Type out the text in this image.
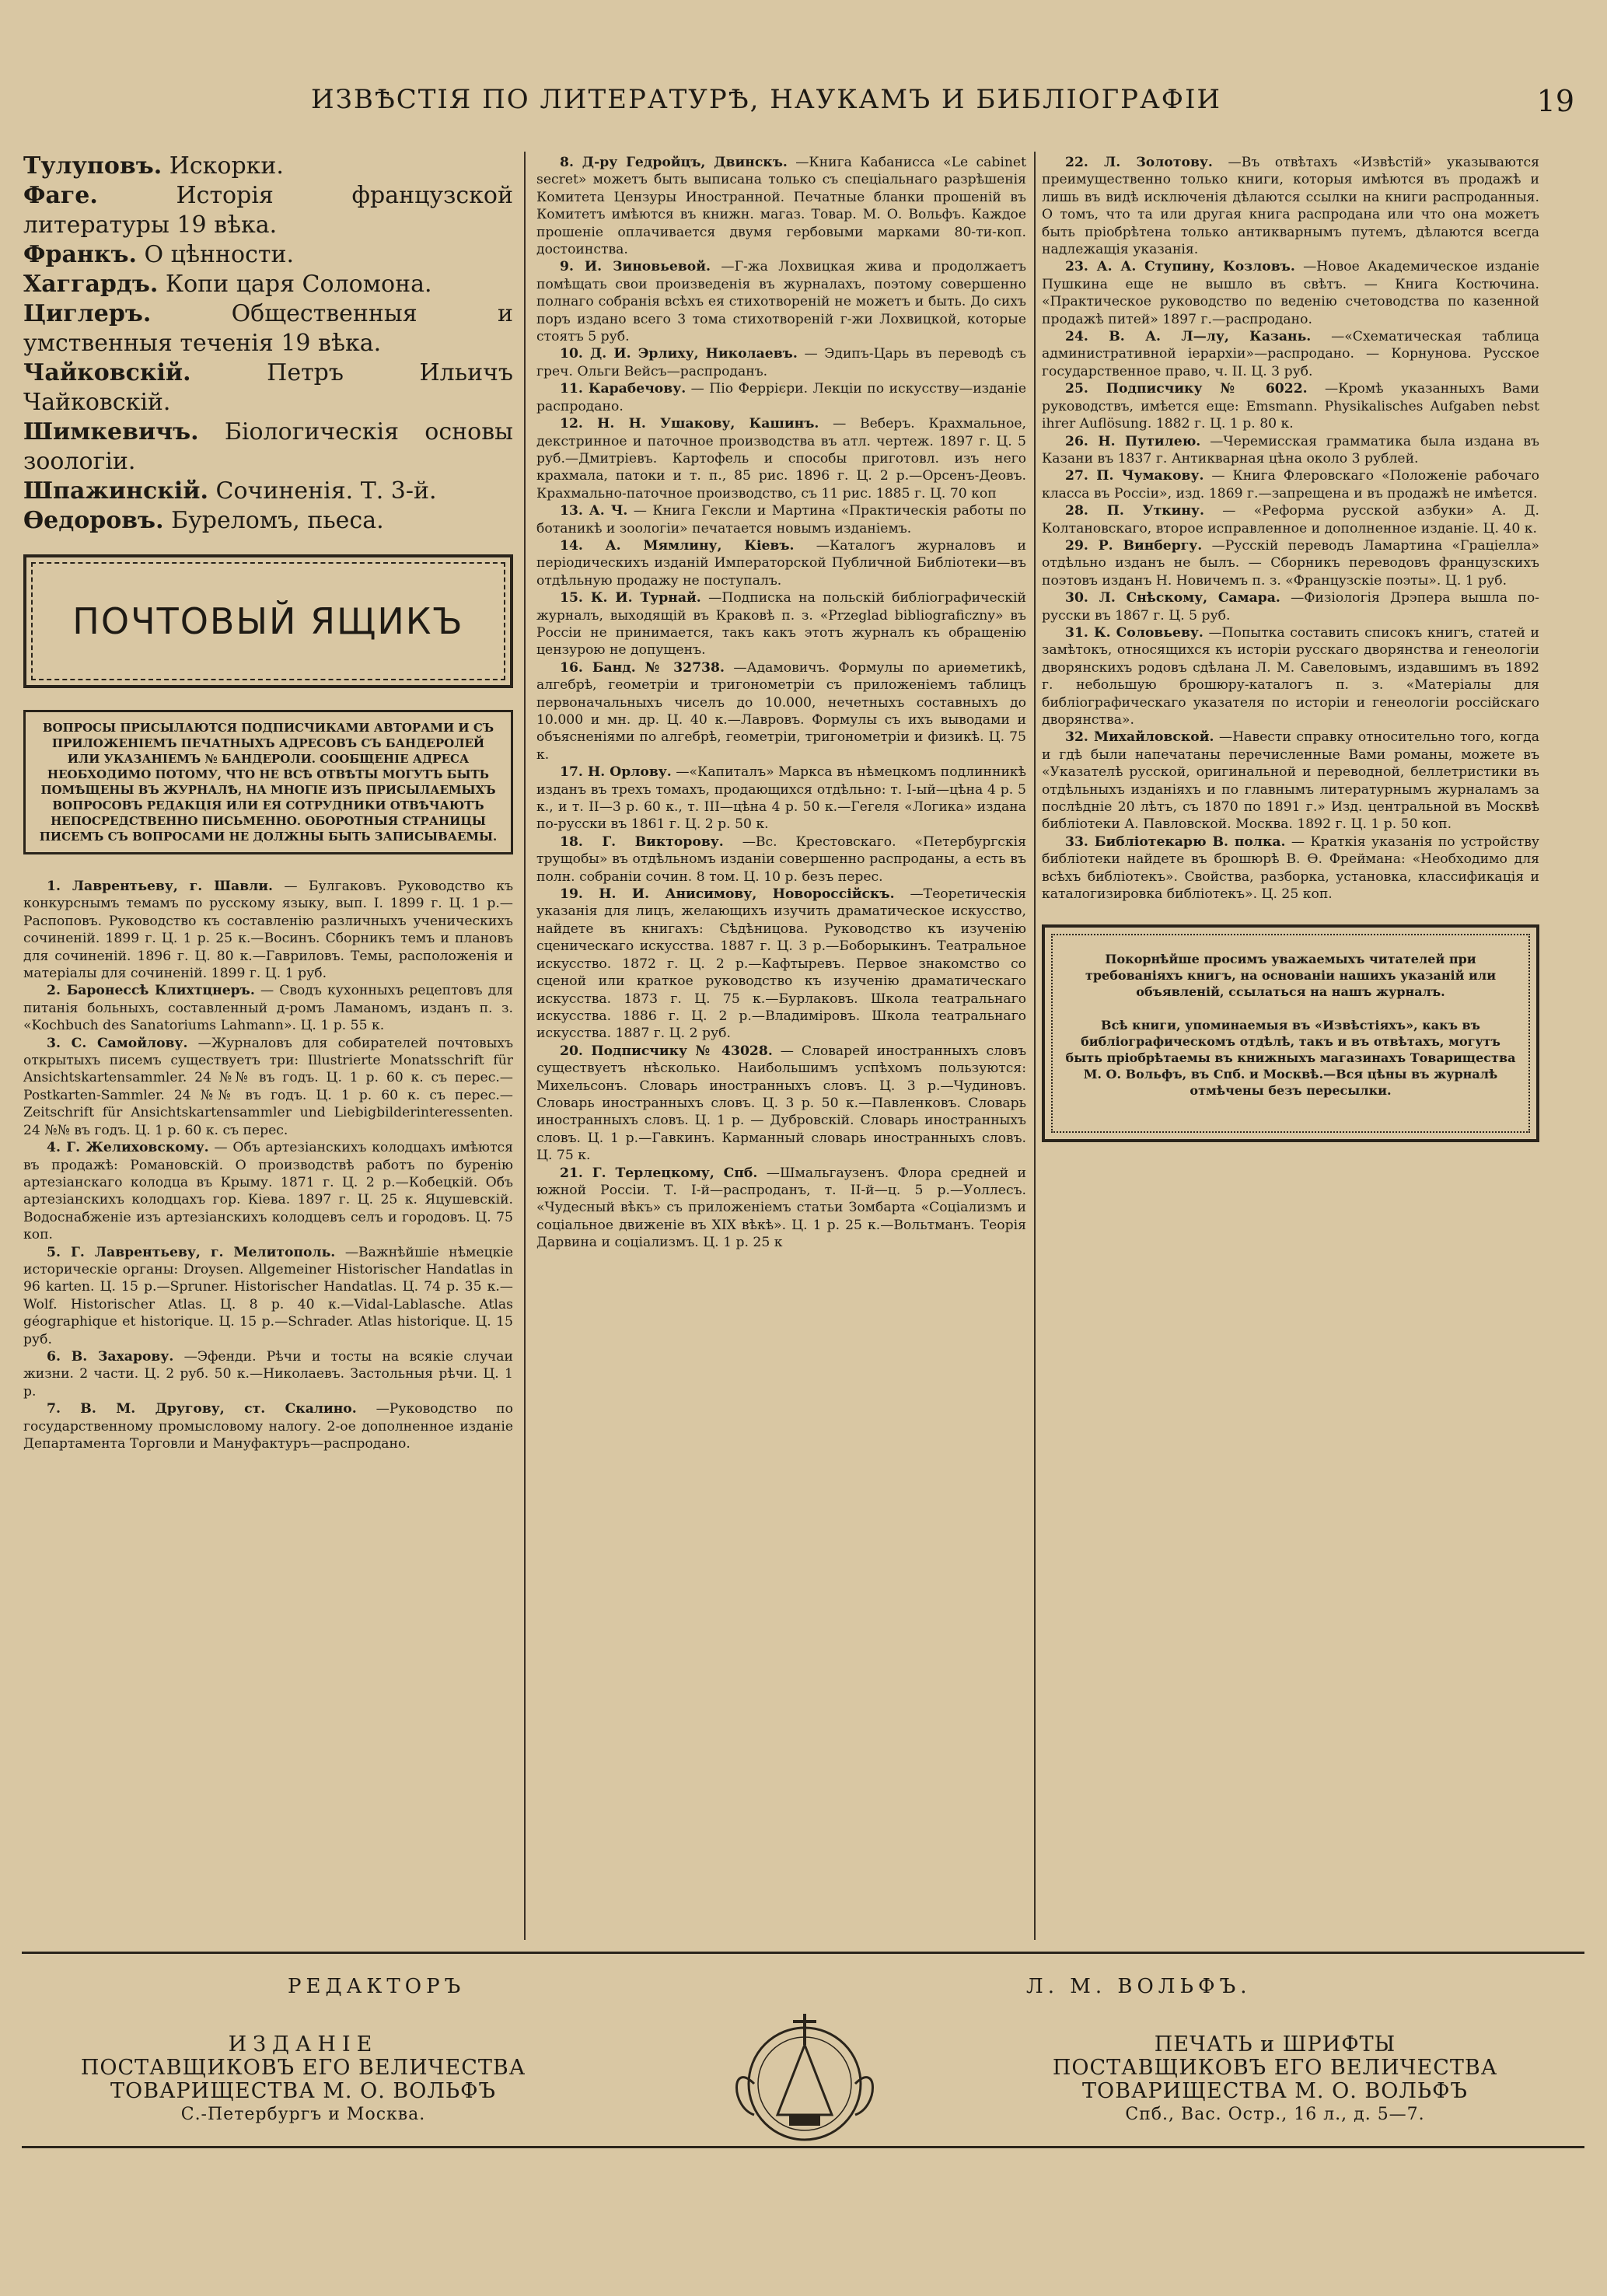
ИЗВѢСТІЯ ПО ЛИТЕРАТУРѢ, НАУКАМЪ И БИБЛІОГРАФІИ	19

Тулуповъ. Искорки.

Фаге.	Исторія французской литературы 19 вѣка.

Франкъ. О цѣнности.

Хаггардъ. Копи царя Соломона.

Циглеръ.	Общественныя и умственныя теченія 19 вѣка.

Чайковскій.	Петръ Ильичъ Чайковскій.

Шимкевичъ. Біологическія основы зоологіи.

Шпажинскій. Сочиненія. Т. 3-й.

Ѳедоровъ. Буреломъ, пьеса.

ПОЧТОВЫЙ ЯЩИКЪ
ВОПРОСЫ ПРИСЫЛАЮТСЯ ПОДПИСЧИКАМИ АВТОРАМИ И СЪ ПРИЛОЖЕНІЕМЪ ПЕЧАТНЫХЪ АДРЕСОВЪ СЪ БАНДЕРОЛЕЙ ИЛИ УКАЗАНІЕМЪ № БАНДЕРОЛИ. СООБЩЕНІЕ АДРЕСА НЕОБХОДИМО ПОТОМУ, ЧТО НЕ ВСѢ ОТВѢТЫ МОГУТЪ БЫТЬ ПОМѢЩЕНЫ ВЪ ЖУРНАЛѢ, НА МНОГІЕ ИЗЪ ПРИСЫЛАЕМЫХЪ ВОПРОСОВЪ РЕДАКЦІЯ ИЛИ ЕЯ СОТРУДНИКИ ОТВѢЧАЮТЪ НЕПОСРЕДСТВЕННО ПИСЬМЕННО. ОБОРОТНЫЯ СТРАНИЦЫ ПИСЕМЪ СЪ ВОПРОСАМИ НЕ ДОЛЖНЫ БЫТЬ ЗАПИСЫВАЕМЫ.

1. Лаврентьеву, г. Шавли. — Булгаковъ. Руководство къ конкурснымъ темамъ по русскому языку, вып. I. 1899 г. Ц. 1 р.—Распоповъ. Руководство къ составленію различныхъ ученическихъ сочиненій. 1899 г. Ц. 1 р. 25 к.—Восинъ. Сборникъ темъ и плановъ для сочиненій. 1896 г. Ц. 80 к.—Гавриловъ. Темы, расположенія и матеріалы для сочиненій. 1899 г. Ц. 1 руб.

2. Баронессѣ Клихтцнеръ. — Сводъ кухонныхъ рецептовъ для питанія больныхъ, составленный д-ромъ Ламаномъ, изданъ п. з. «Kochbuch des Sanatoriums Lahmann». Ц. 1 р. 55 к.

3. С. Самойлову. —Журналовъ для собирателей почтовыхъ открытыхъ писемъ существуетъ три: Illustrierte Monatsschrift für Ansichtskartensammler. 24 №№ въ годъ. Ц. 1 р. 60 к. съ перес.—Postkarten-Sammler. 24 №№ въ годъ. Ц. 1 р. 60 к. съ перес.—Zeitschrift für Ansichtskartensammler und Liebigbilderinteressenten. 24 №№ въ годъ. Ц. 1 р. 60 к. съ перес.

4. Г. Желиховскому. — Объ артезіанскихъ колодцахъ имѣются въ продажѣ: Романовскій. О производствѣ работъ по буренію артезіанскаго колодца въ Крыму. 1871 г. Ц. 2 р.—Кобецкій. Объ артезіанскихъ колодцахъ гор. Кіева. 1897 г. Ц. 25 к. Яцушевскій. Водоснабженіе изъ артезіанскихъ колодцевъ селъ и городовъ. Ц. 75 коп.

5. Г. Лаврентьеву, г. Мелитополь. —Важнѣйшіе нѣмецкіе историческіе органы: Droysen. Allgemeiner Historischer Handatlas in 96 karten. Ц. 15 р.—Spruner. Historischer Handatlas. Ц. 74 р. 35 к.—Wolf. Historischer Atlas. Ц. 8 р. 40 к.—Vidal-Lablasche. Atlas géographique et historique. Ц. 15 р.—Schrader. Atlas historique. Ц. 15 руб.

6. В. Захарову. —Эфенди. Рѣчи и тосты на всякіе случаи жизни. 2 части. Ц. 2 руб. 50 к.—Николаевъ. Застольныя рѣчи. Ц. 1 р.

7. В. М. Другову, ст. Скалино. —Руководство по государственному промысловому налогу. 2-ое дополненное изданіе Департамента Торговли и Мануфактуръ—распродано.

8. Д-ру Гедройцъ, Двинскъ. —Книга Кабанисса «Le cabinet secret» можетъ быть выписана только съ спеціальнаго разрѣшенія Комитета Цензуры Иностранной. Печатные бланки прошеній въ Комитетъ имѣются въ книжн. магаз. Товар. М. О. Вольфъ. Каждое прошеніе оплачивается двумя гербовыми марками 80-ти-коп. достоинства.

9. И. Зиновьевой. —Г-жа Лохвицкая жива и продолжаетъ помѣщать свои произведенія въ журналахъ, поэтому совершенно полнаго собранія всѣхъ ея стихотвореній не можетъ и быть. До сихъ поръ издано всего 3 тома стихотвореній г-жи Лохвицкой, которые стоятъ 5 руб.

10. Д. И. Эрлиху, Николаевъ. — Эдипъ-Царь въ переводѣ съ греч. Ольги Вейсъ—распроданъ.

11. Карабечову. — Піо Феррієри. Лекціи по искусству—изданіе распродано.

12. Н. Н. Ушакову, Кашинъ. — Веберъ. Крахмальное, декстринное и паточное производства въ атл. чертеж. 1897 г. Ц. 5 руб.—Дмитріевъ. Картофель и способы приготовл. изъ него крахмала, патоки и т. п., 85 рис. 1896 г. Ц. 2 р.—Орсенъ-Деовъ. Крахмально-паточное производство, съ 11 рис. 1885 г. Ц. 70 коп

13. А. Ч. — Книга Гексли и Мартина «Практическія работы по ботаникѣ и зоологіи» печатается новымъ изданіемъ.

14. А. Мямлину, Кіевъ. —Каталогъ журналовъ и періодическихъ изданій Императорской Публичной Библіотеки—въ отдѣльную продажу не поступалъ.

15. К. И. Турнай. —Подписка на польскій библіографическій журналъ, выходящій въ Краковѣ п. з. «Przeglad bibliograficzny» въ Россіи не принимается, такъ какъ этотъ журналъ къ обращенію цензурою не допущенъ.

16. Банд. № 32738. —Адамовичъ. Формулы по ариѳметикѣ, алгебрѣ, геометріи и тригонометріи съ приложеніемъ таблицъ первоначальныхъ чиселъ до 10.000, нечетныхъ составныхъ до 10.000 и мн. др. Ц. 40 к.—Лавровъ. Формулы съ ихъ выводами и объясненіями по алгебрѣ, геометріи, тригонометріи и физикѣ. Ц. 75 к.

17. Н. Орлову. —«Капиталъ» Маркса въ нѣмецкомъ подлинникѣ изданъ въ трехъ томахъ, продающихся отдѣльно: т. I-ый—цѣна 4 р. 5 к., и т. II—3 р. 60 к., т. III—цѣна 4 р. 50 к.—Гегеля «Логика» издана по-русски въ 1861 г. Ц. 2 р. 50 к.

18. Г. Викторову. —Вс. Крестовскаго. «Петербургскія трущобы» въ отдѣльномъ изданіи совершенно распроданы, а есть въ полн. собраніи сочин. 8 том. Ц. 10 р. безъ перес.

19. Н. И. Анисимову, Новороссійскъ. —Теоретическія указанія для лицъ, желающихъ изучить драматическое искусство, найдете въ книгахъ: Сѣдѣницова. Руководство къ изученію сценическаго искусства. 1887 г. Ц. 3 р.—Боборыкинъ. Театральное искусство. 1872 г. Ц. 2 р.—Кафтыревъ. Первое знакомство со сценой или краткое руководство къ изученію драматическаго искусства. 1873 г. Ц. 75 к.—Бурлаковъ. Школа театральнаго искусства. 1886 г. Ц. 2 р.—Владиміровъ. Школа театральнаго искусства. 1887 г. Ц. 2 руб.

20. Подписчику № 43028. — Словарей иностранныхъ словъ существуетъ нѣсколько. Наибольшимъ успѣхомъ пользуются: Михельсонъ. Словарь иностранныхъ словъ. Ц. 3 р.—Чудиновъ. Словарь иностранныхъ словъ. Ц. 3 р. 50 к.—Павленковъ. Словарь иностранныхъ словъ. Ц. 1 р. — Дубровскій. Словарь иностранныхъ словъ. Ц. 1 р.—Гавкинъ. Карманный словарь иностранныхъ словъ. Ц. 75 к.

21. Г. Терлецкому, Спб. —Шмальгаузенъ. Флора средней и южной Россіи. Т. I-й—распроданъ, т. II-й—ц. 5 р.—Уоллесъ. «Чудесный вѣкъ» съ приложеніемъ статьи Зомбарта «Соціализмъ и соціальное движеніе въ XIX вѣкѣ». Ц. 1 р. 25 к.—Вольтманъ. Теорія Дарвина и соціализмъ. Ц. 1 р. 25 к

22. Л. Золотову. —Въ отвѣтахъ «Извѣстій» указываются преимущественно только книги, которыя имѣются въ продажѣ и лишь въ видѣ исключенія дѣлаются ссылки на книги распроданныя. О томъ, что та или другая книга распродана или что она можетъ быть пріобрѣтена только антикварнымъ путемъ, дѣлаются всегда надлежащія указанія.

23. А. А. Ступину, Козловъ. —Новое Академическое изданіе Пушкина еще не вышло въ свѣтъ. — Книга Костючина. «Практическое руководство по веденію счетоводства по казенной продажѣ питей» 1897 г.—распродано.

24. В. А. Л—лу, Казань. —«Схематическая таблица административной іерархіи»—распродано. — Корнунова. Русское государственное право, ч. II. Ц. 3 руб.

25. Подписчику № 6022. —Кромѣ указанныхъ Вами руководствъ, имѣется еще: Emsmann. Physikalisches Aufgaben nebst ihrer Auflösung. 1882 г. Ц. 1 р. 80 к.

26. Н. Путилею. —Черемисская грамматика была издана въ Казани въ 1837 г. Антикварная цѣна около 3 рублей.

27. П. Чумакову. — Книга Флеровскаго «Положеніе рабочаго класса въ Россіи», изд. 1869 г.—запрещена и въ продажѣ не имѣется.

28. П. Уткину. — «Реформа русской азбуки» А. Д. Колтановскаго, второе исправленное и дополненное изданіе. Ц. 40 к.

29. Р. Винбергу. —Русскій переводъ Ламартина «Граціелла» отдѣльно изданъ не былъ. — Сборникъ переводовъ французскихъ поэтовъ изданъ Н. Новичемъ п. з. «Французскіе поэты». Ц. 1 руб.

30. Л. Снѣскому, Самара. —Физіологія Дрэпера вышла по-русски въ 1867 г. Ц. 5 руб.

31. К. Соловьеву. —Попытка составить списокъ книгъ, статей и замѣтокъ, относящихся къ исторіи русскаго дворянства и генеологіи дворянскихъ родовъ сдѣлана Л. М. Савеловымъ, издавшимъ въ 1892 г. небольшую брошюру-каталогъ п. з. «Матеріалы для библіографическаго указателя по исторіи и генеологіи россійскаго дворянства».

32. Михайловской. —Навести справку относительно того, когда и гдѣ были напечатаны перечисленные Вами романы, можете въ «Указателѣ русской, оригинальной и переводной, беллетристики въ отдѣльныхъ изданіяхъ и по главнымъ литературнымъ журналамъ за послѣдніе 20 лѣтъ, съ 1870 по 1891 г.» Изд. центральной въ Москвѣ библіотеки А. Павловской. Москва. 1892 г. Ц. 1 р. 50 коп.

33. Библіотекарю В. полка. — Краткія указанія по устройству библіотеки найдете въ брошюрѣ В. Ѳ. Фреймана: «Необходимо для всѣхъ библіотекъ». Свойства, разборка, установка, классификація и каталогизировка библіотекъ». Ц. 25 коп.

Покорнѣйше просимъ уважаемыхъ читателей при требованіяхъ книгъ, на основаніи нашихъ указаній или объявленій, ссылаться на нашъ журналъ.

Всѣ книги, упоминаемыя въ «Извѣстіяхъ», какъ въ библіографическомъ отдѣлѣ, такъ и въ отвѣтахъ, могутъ быть пріобрѣтаемы въ книжныхъ магазинахъ Товарищества М. О. Вольфъ, въ Спб. и Москвѣ.—Вся цѣны въ журналѣ отмѣчены безъ пересылки.

РЕДАКТОРЪ	Л. М. ВОЛЬФЪ.
ИЗДАНІЕ
ПОСТАВЩИКОВЪ ЕГО ВЕЛИЧЕСТВА
ТОВАРИЩЕСТВА М. О. ВОЛЬФЪ
С.-Петербургъ и Москва.
ПЕЧАТЬ и ШРИФТЫ
ПОСТАВЩИКОВЪ ЕГО ВЕЛИЧЕСТВА
ТОВАРИЩЕСТВА М. О. ВОЛЬФЪ
Спб., Вас. Остр., 16 л., д. 5—7.
